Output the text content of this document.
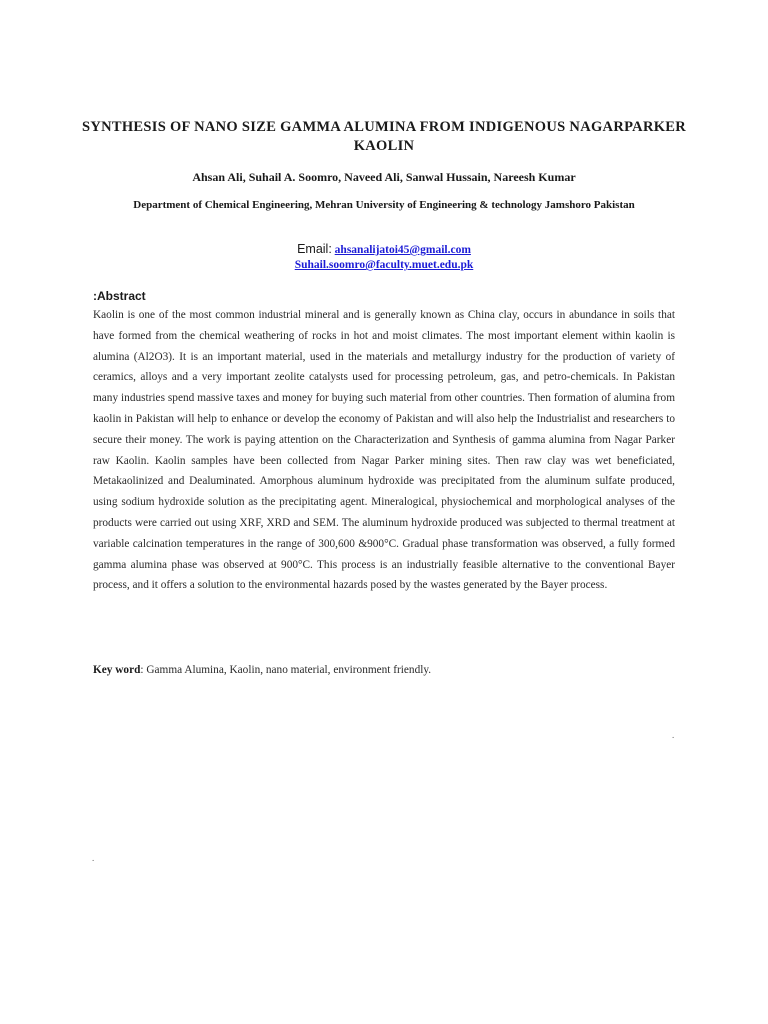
SYNTHESIS OF NANO SIZE GAMMA ALUMINA FROM INDIGENOUS NAGARPARKER KAOLIN
Ahsan Ali, Suhail A. Soomro, Naveed Ali, Sanwal Hussain, Nareesh Kumar
Department of Chemical Engineering, Mehran University of Engineering & technology Jamshoro Pakistan
Email: ahsanalijatoi45@gmail.com
Suhail.soomro@faculty.muet.edu.pk
:Abstract
Kaolin is one of the most common industrial mineral and is generally known as China clay, occurs in abundance in soils that have formed from the chemical weathering of rocks in hot and moist climates. The most important element within kaolin is alumina (Al2O3). It is an important material, used in the materials and metallurgy industry for the production of variety of ceramics, alloys and a very important zeolite catalysts used for processing petroleum, gas, and petro-chemicals. In Pakistan many industries spend massive taxes and money for buying such material from other countries. Then formation of alumina from kaolin in Pakistan will help to enhance or develop the economy of Pakistan and will also help the Industrialist and researchers to secure their money. The work is paying attention on the Characterization and Synthesis of gamma alumina from Nagar Parker raw Kaolin. Kaolin samples have been collected from Nagar Parker mining sites. Then raw clay was wet beneficiated, Metakaolinized and Dealuminated. Amorphous aluminum hydroxide was precipitated from the aluminum sulfate produced, using sodium hydroxide solution as the precipitating agent. Mineralogical, physiochemical and morphological analyses of the products were carried out using XRF, XRD and SEM. The aluminum hydroxide produced was subjected to thermal treatment at variable calcination temperatures in the range of 300,600 &900°C. Gradual phase transformation was observed, a fully formed gamma alumina phase was observed at 900°C. This process is an industrially feasible alternative to the conventional Bayer process, and it offers a solution to the environmental hazards posed by the wastes generated by the Bayer process.
Key word: Gamma Alumina, Kaolin, nano material, environment friendly.
.
.
